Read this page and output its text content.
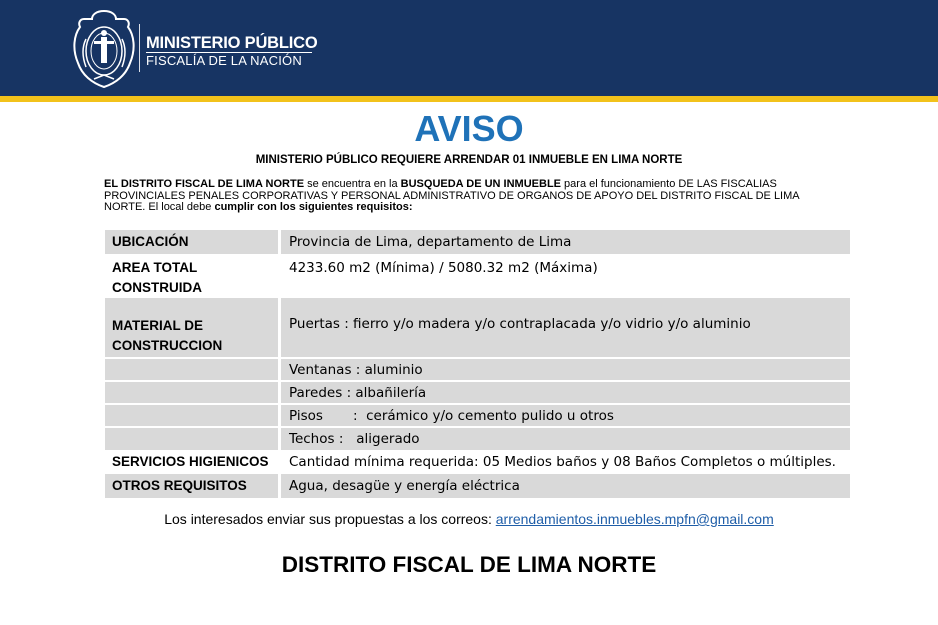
MINISTERIO PÚBLICO
FISCALÍA DE LA NACIÓN
AVISO
MINISTERIO PÚBLICO REQUIERE ARRENDAR 01 INMUEBLE EN LIMA NORTE
EL DISTRITO FISCAL DE LIMA NORTE se encuentra en la BUSQUEDA DE UN INMUEBLE para el funcionamiento DE LAS FISCALIAS PROVINCIALES PENALES CORPORATIVAS Y PERSONAL ADMINISTRATIVO DE ORGANOS DE APOYO DEL DISTRITO FISCAL DE LIMA NORTE. El local debe cumplir con los siguientes requisitos:
UBICACIÓN	Provincia de Lima, departamento de Lima

AREA TOTAL
CONSTRUIDA	4233.60 m2 (Mínima) / 5080.32 m2 (Máxima)

MATERIAL DE
CONSTRUCCION	Puertas : fierro y/o madera y/o contraplacada y/o vidrio y/o aluminio
	Ventanas : aluminio
	Paredes : albañilería
	Pisos       :  cerámico y/o cemento pulido u otros
	Techos :   aligerado
SERVICIOS HIGIENICOS	Cantidad mínima requerida: 05 Medios baños y 08 Baños Completos o múltiples.
OTROS REQUISITOS	Agua, desagüe y energía eléctrica
Los interesados enviar sus propuestas a los correos: arrendamientos.inmuebles.mpfn@gmail.com
DISTRITO FISCAL DE LIMA NORTE
